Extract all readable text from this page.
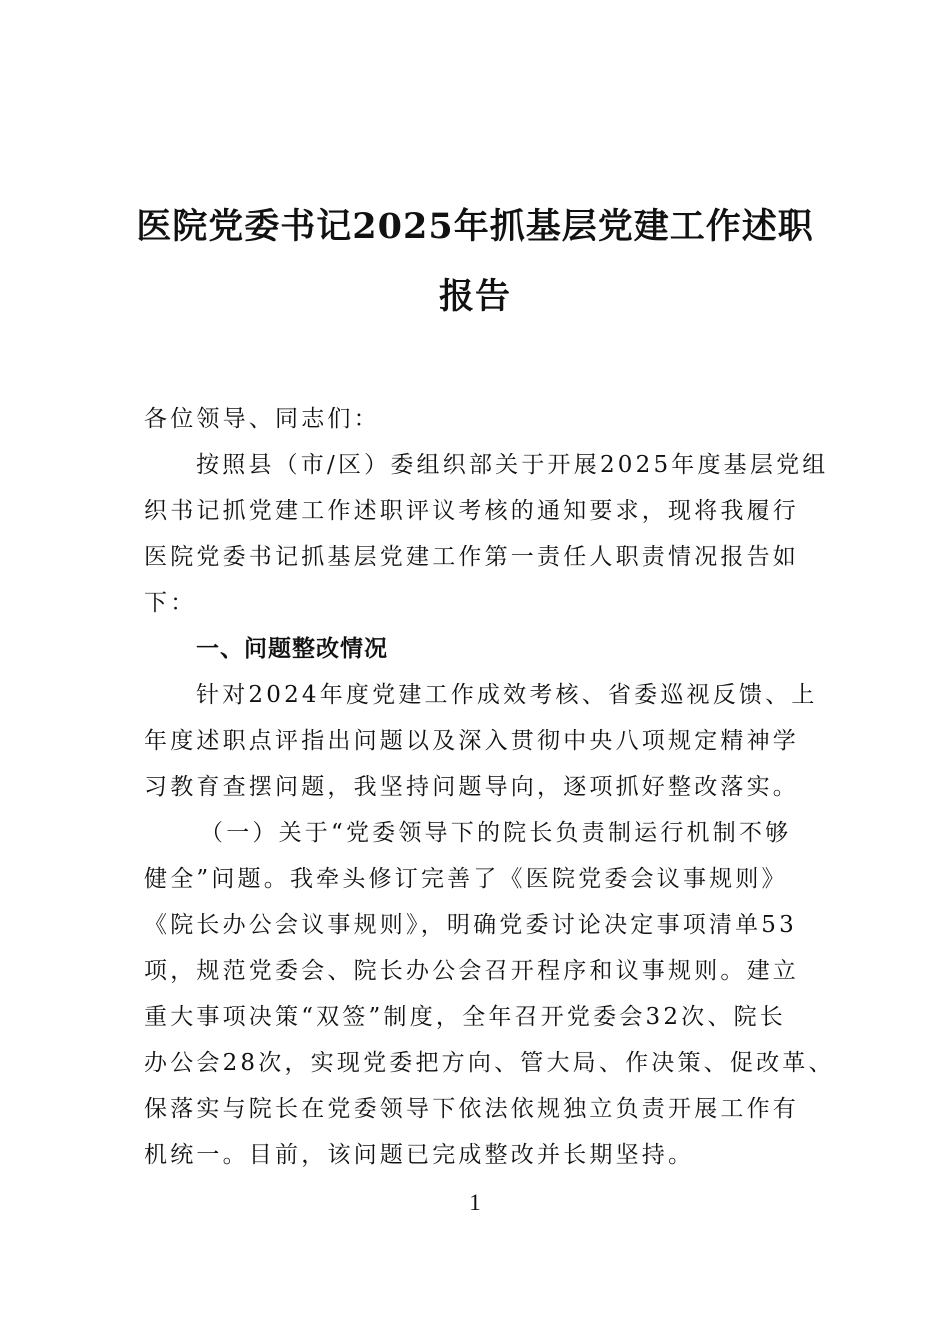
医院党委书记2025年抓基层党建工作述职
报告
各位领导、同志们：
按照县（市/区）委组织部关于开展2025年度基层党组
织书记抓党建工作述职评议考核的通知要求，现将我履行
医院党委书记抓基层党建工作第一责任人职责情况报告如
下：
一、问题整改情况
针对2024年度党建工作成效考核、省委巡视反馈、上
年度述职点评指出问题以及深入贯彻中央八项规定精神学
习教育查摆问题，我坚持问题导向，逐项抓好整改落实。
（一）关于“党委领导下的院长负责制运行机制不够
健全”问题。我牵头修订完善了《医院党委会议事规则》
《院长办公会议事规则》，明确党委讨论决定事项清单53
项，规范党委会、院长办公会召开程序和议事规则。建立
重大事项决策“双签”制度，全年召开党委会32次、院长
办公会28次，实现党委把方向、管大局、作决策、促改革、
保落实与院长在党委领导下依法依规独立负责开展工作有
机统一。目前，该问题已完成整改并长期坚持。
1
